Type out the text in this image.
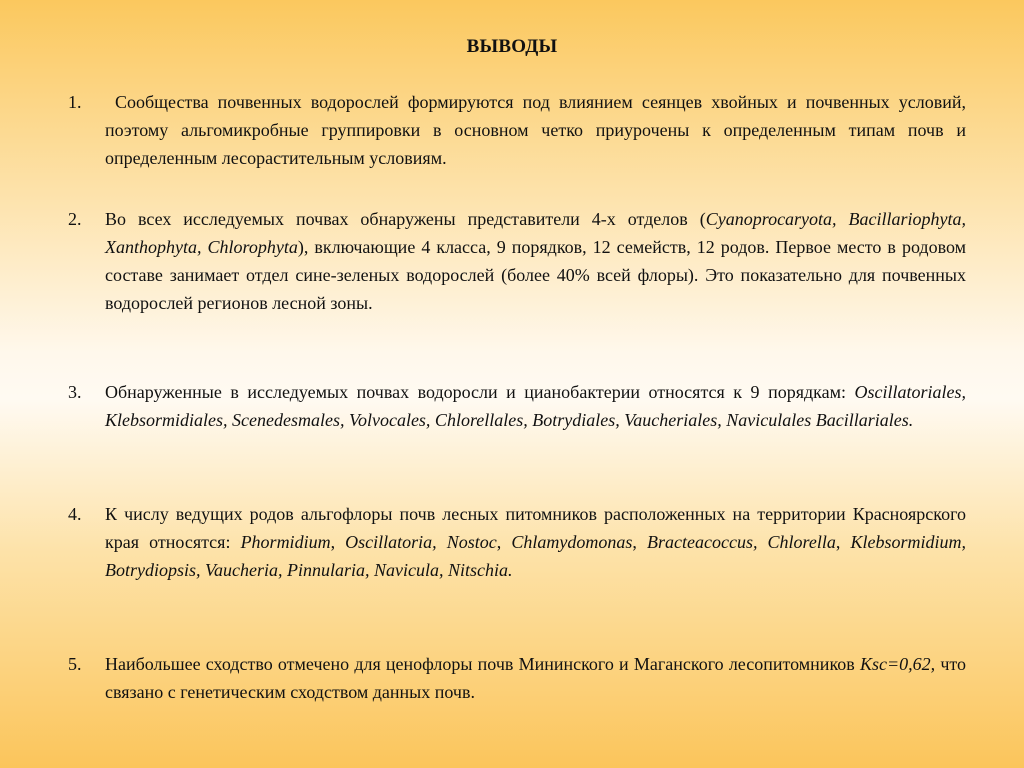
ВЫВОДЫ
1.	Сообщества почвенных водорослей формируются под влиянием сеянцев хвойных и почвенных условий, поэтому альгомикробные группировки в основном четко приурочены к определенным типам почв и определенным лесорастительным условиям.
2.	Во всех исследуемых почвах обнаружены представители 4-х отделов (Cyanoprocaryota, Bacillariophyta, Xanthophyta, Chlorophyta), включающие 4 класса, 9 порядков, 12 семейств, 12 родов. Первое место в родовом составе занимает отдел сине-зеленых водорослей (более 40% всей флоры). Это показательно для почвенных водорослей регионов лесной зоны.
3.	Обнаруженные в исследуемых почвах водоросли и цианобактерии относятся к 9 порядкам: Oscillatoriales, Klebsormidiales, Scenedesmales, Volvocales, Chlorellales, Botrydiales, Vaucheriales, Naviculales Bacillariales.
4.	К числу ведущих родов альгофлоры почв лесных питомников расположенных на территории Красноярского края относятся: Phormidium, Oscillatoria, Nostoc, Chlamydomonas, Bracteacoccus, Chlorella, Klebsormidium, Botrydiopsis, Vaucheria, Pinnularia, Navicula, Nitschia.
5.	Наибольшее сходство отмечено для ценофлоры почв Мининского и Маганского лесопитомников Ksc=0,62, что связано с генетическим сходством данных почв.
